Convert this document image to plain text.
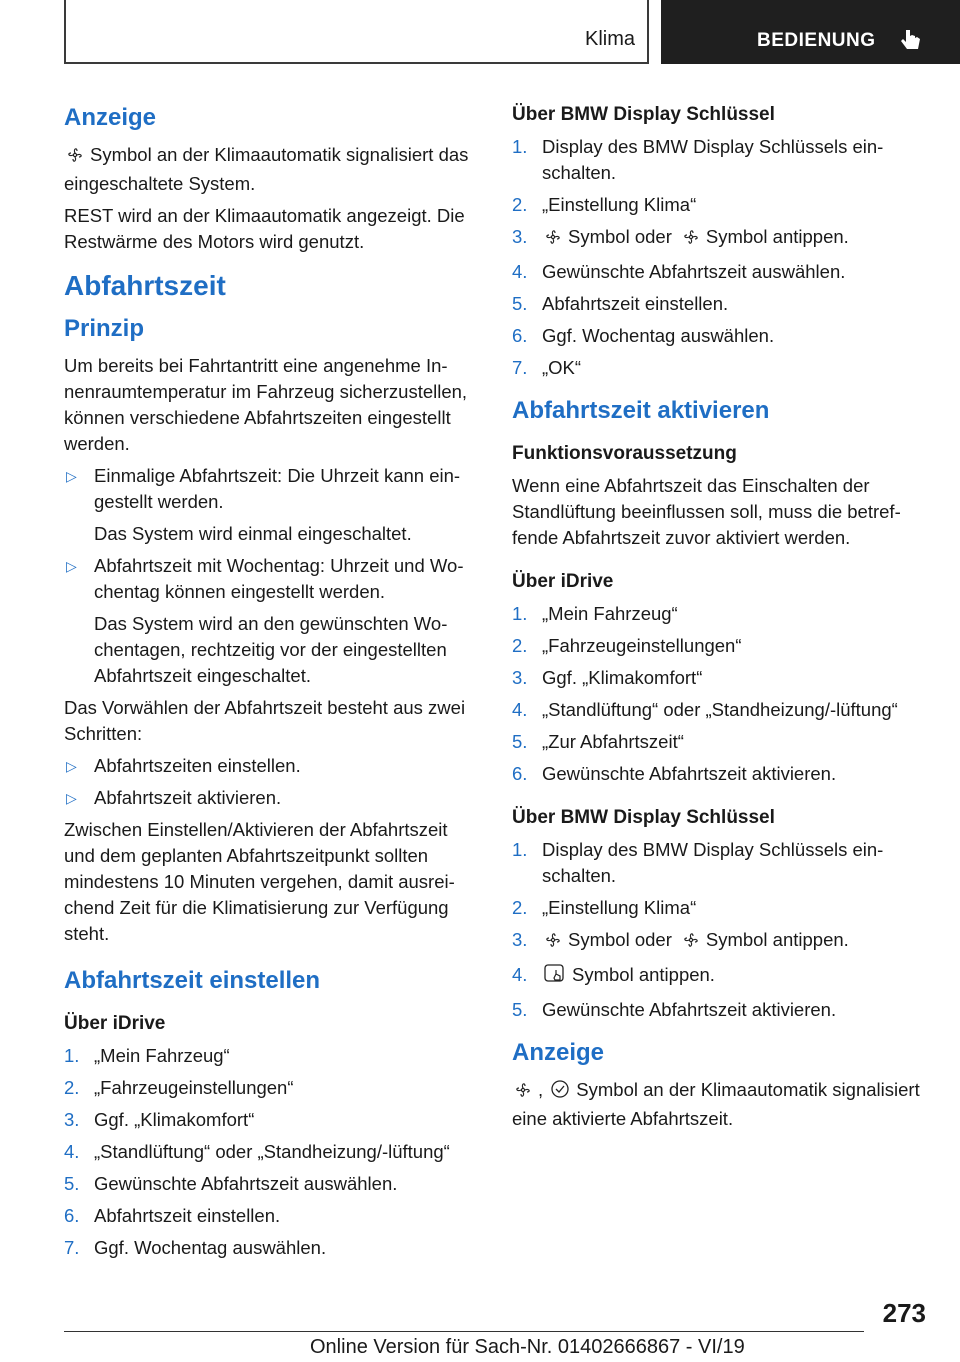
Klima	BEDIENUNG
Anzeige
Symbol an der Klimaautomatik signalisiert das eingeschaltete System.
REST wird an der Klimaautomatik angezeigt. Die Restwärme des Motors wird genutzt.
Abfahrtszeit
Prinzip
Um bereits bei Fahrtantritt eine angenehme Innenraumtemperatur im Fahrzeug sicherzustellen, können verschiedene Abfahrtszeiten eingestellt werden.
▷ Einmalige Abfahrtszeit: Die Uhrzeit kann eingestellt werden.
Das System wird einmal eingeschaltet.
▷ Abfahrtszeit mit Wochentag: Uhrzeit und Wochentag können eingestellt werden.
Das System wird an den gewünschten Wochentagen, rechtzeitig vor der eingestellten Abfahrtszeit eingeschaltet.
Das Vorwählen der Abfahrtszeit besteht aus zwei Schritten:
▷ Abfahrtszeiten einstellen.
▷ Abfahrtszeit aktivieren.
Zwischen Einstellen/Aktivieren der Abfahrtszeit und dem geplanten Abfahrtszeitpunkt sollten mindestens 10 Minuten vergehen, damit ausreichend Zeit für die Klimatisierung zur Verfügung steht.
Abfahrtszeit einstellen
Über iDrive
1. „Mein Fahrzeug“
2. „Fahrzeugeinstellungen“
3. Ggf. „Klimakomfort“
4. „Standlüftung“ oder „Standheizung/-lüftung“
5. Gewünschte Abfahrtszeit auswählen.
6. Abfahrtszeit einstellen.
7. Ggf. Wochentag auswählen.
Über BMW Display Schlüssel
1. Display des BMW Display Schlüssels einschalten.
2. „Einstellung Klima“
3. Symbol oder Symbol antippen.
4. Gewünschte Abfahrtszeit auswählen.
5. Abfahrtszeit einstellen.
6. Ggf. Wochentag auswählen.
7. „OK“
Abfahrtszeit aktivieren
Funktionsvoraussetzung
Wenn eine Abfahrtszeit das Einschalten der Standlüftung beeinflussen soll, muss die betreffende Abfahrtszeit zuvor aktiviert werden.
Über iDrive
1. „Mein Fahrzeug“
2. „Fahrzeugeinstellungen“
3. Ggf. „Klimakomfort“
4. „Standlüftung“ oder „Standheizung/-lüftung“
5. „Zur Abfahrtszeit“
6. Gewünschte Abfahrtszeit aktivieren.
Über BMW Display Schlüssel
1. Display des BMW Display Schlüssels einschalten.
2. „Einstellung Klima“
3. Symbol oder Symbol antippen.
4. Symbol antippen.
5. Gewünschte Abfahrtszeit aktivieren.
Anzeige
, Symbol an der Klimaautomatik signalisiert eine aktivierte Abfahrtszeit.
273
Online Version für Sach-Nr. 01402666867 - VI/19
